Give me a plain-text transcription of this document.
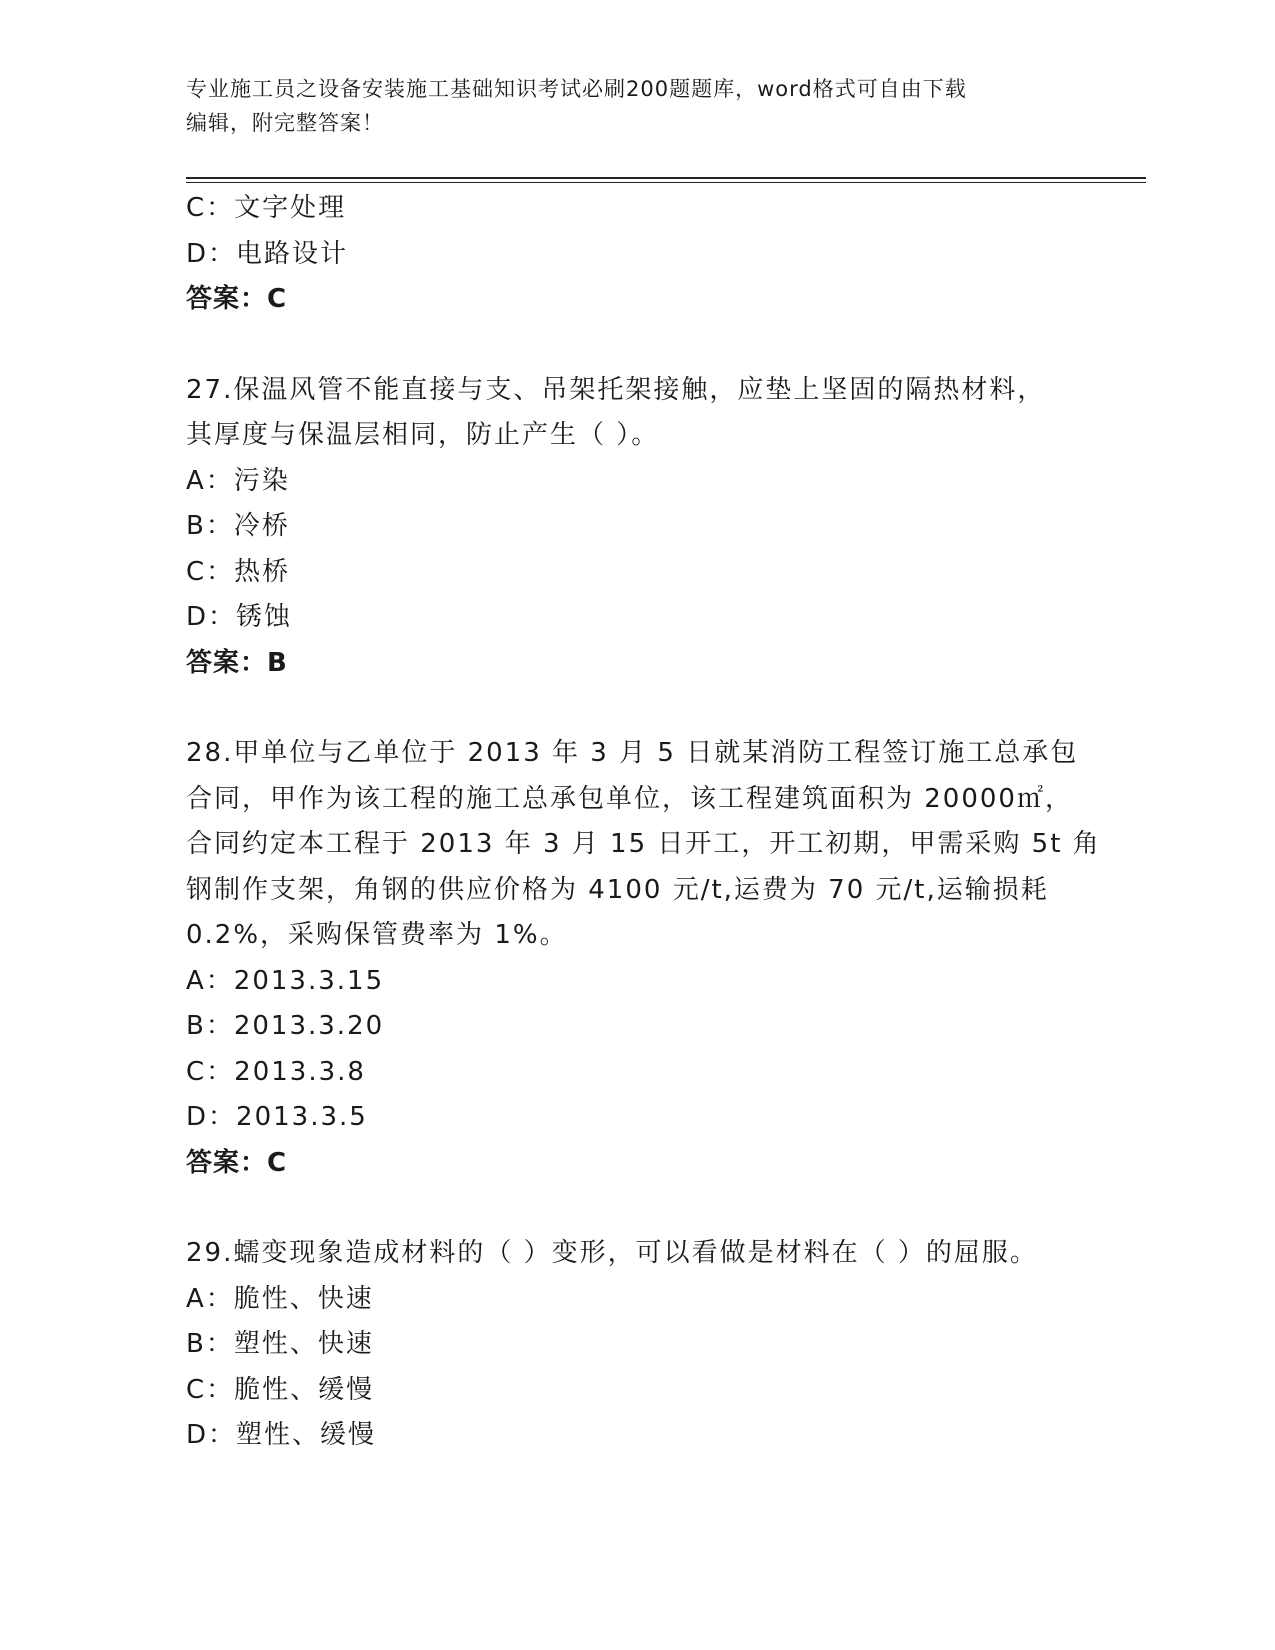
专业施工员之设备安装施工基础知识考试必刷200题题库，word格式可自由下载
编辑，附完整答案！
C：文字处理
D：电路设计
答案：C
27.保温风管不能直接与支、吊架托架接触，应垫上坚固的隔热材料，
其厚度与保温层相同，防止产生（ ）。
A：污染
B：冷桥
C：热桥
D：锈蚀
答案：B
28.甲单位与乙单位于 2013 年 3 月 5 日就某消防工程签订施工总承包
合同，甲作为该工程的施工总承包单位，该工程建筑面积为 20000㎡，
合同约定本工程于 2013 年 3 月 15 日开工，开工初期，甲需采购 5t 角
钢制作支架，角钢的供应价格为 4100 元/t,运费为 70 元/t,运输损耗
0.2%，采购保管费率为 1%。
A：2013.3.15
B：2013.3.20
C：2013.3.8
D：2013.3.5
答案：C
29.蠕变现象造成材料的（ ）变形，可以看做是材料在（ ）的屈服。
A：脆性、快速
B：塑性、快速
C：脆性、缓慢
D：塑性、缓慢
